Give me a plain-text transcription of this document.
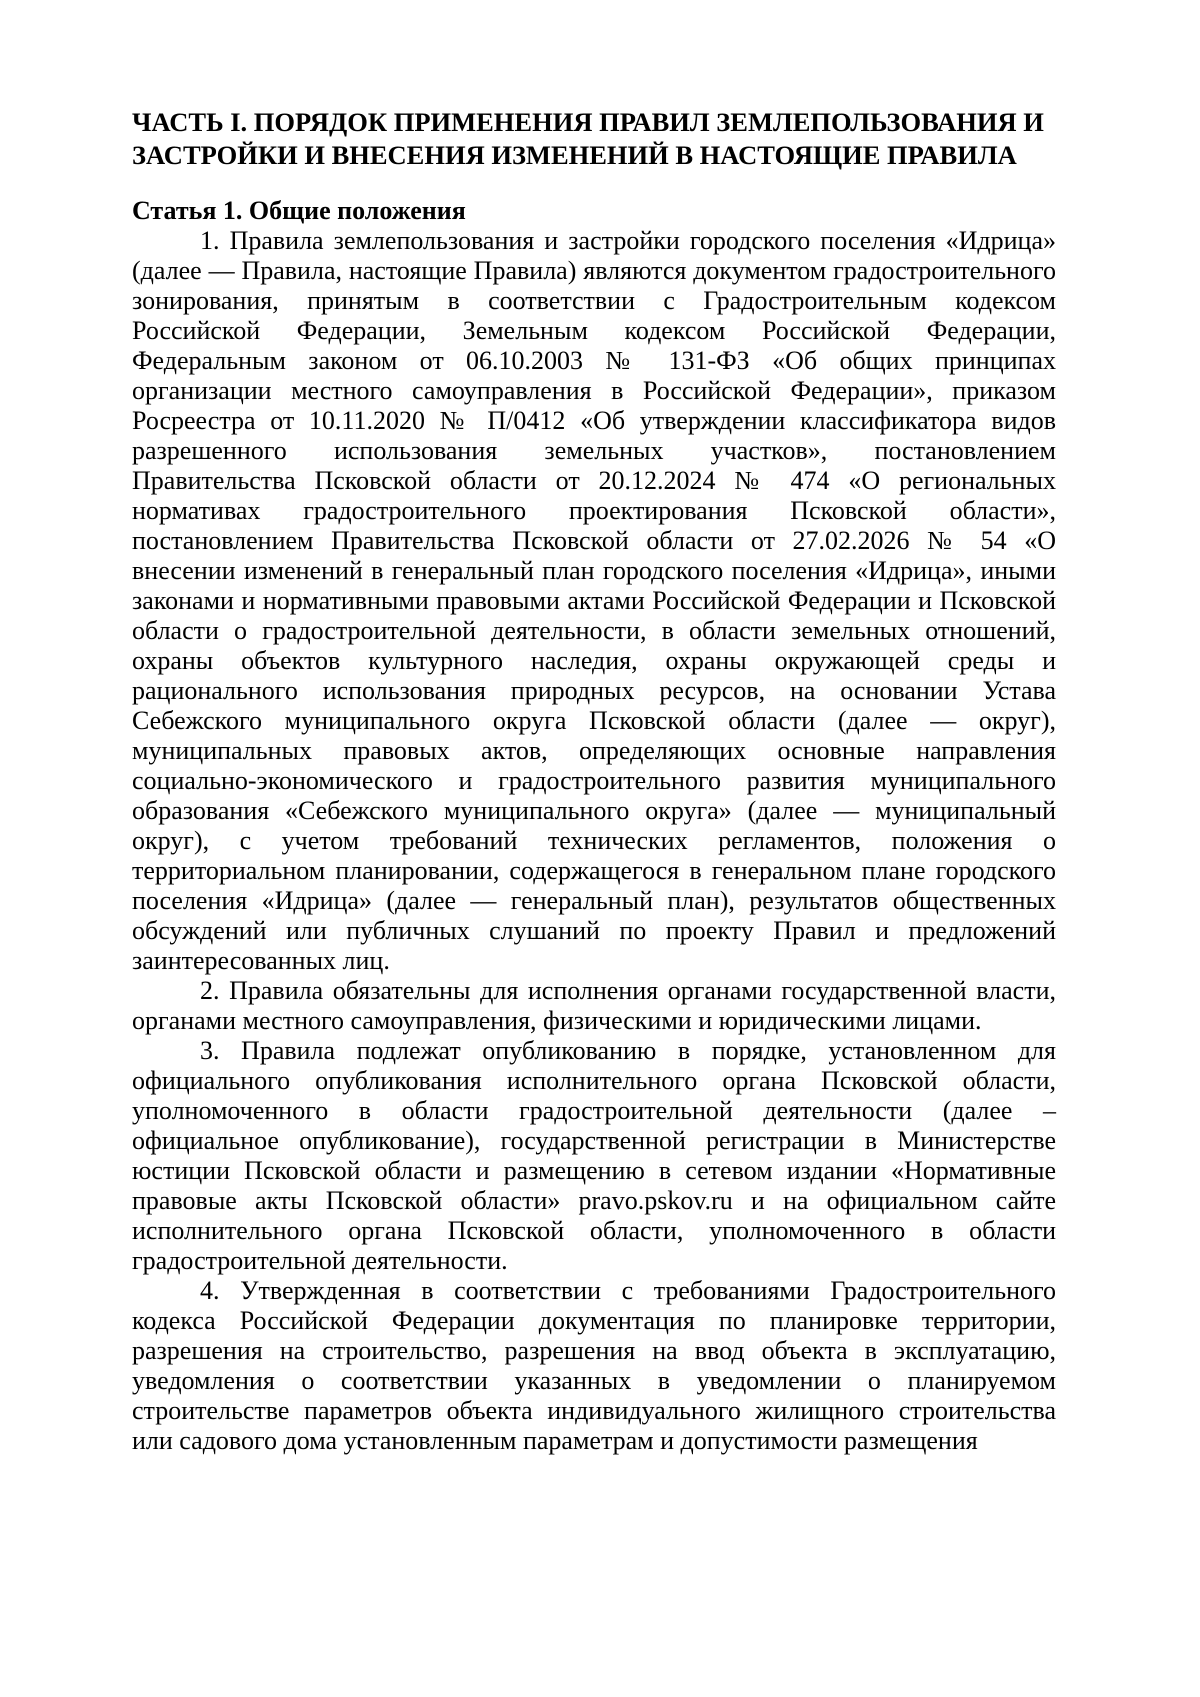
ЧАСТЬ I. ПОРЯДОК ПРИМЕНЕНИЯ ПРАВИЛ ЗЕМЛЕПОЛЬЗОВАНИЯ И ЗАСТРОЙКИ И ВНЕСЕНИЯ ИЗМЕНЕНИЙ В НАСТОЯЩИЕ ПРАВИЛА
Статья 1. Общие положения

1. Правила землепользования и застройки городского поселения «Идрица» (далее — Правила, настоящие Правила) являются документом градостроительного зонирования, принятым в соответствии с Градостроительным кодексом Российской Федерации, Земельным кодексом Российской Федерации, Федеральным законом от 06.10.2003 № 131-ФЗ «Об общих принципах организации местного самоуправления в Российской Федерации», приказом Росреестра от 10.11.2020 № П/0412 «Об утверждении классификатора видов разрешенного использования земельных участков», постановлением Правительства Псковской области от 20.12.2024 № 474 «О региональных нормативах градостроительного проектирования Псковской области», постановлением Правительства Псковской области от 27.02.2026 № 54 «О внесении изменений в генеральный план городского поселения «Идрица», иными законами и нормативными правовыми актами Российской Федерации и Псковской области о градостроительной деятельности, в области земельных отношений, охраны объектов культурного наследия, охраны окружающей среды и рационального использования природных ресурсов, на основании Устава Себежского муниципального округа Псковской области (далее — округ), муниципальных правовых актов, определяющих основные направления социально-экономического и градостроительного развития муниципального образования «Себежского муниципального округа» (далее — муниципальный округ), с учетом требований технических регламентов, положения о территориальном планировании, содержащегося в генеральном плане городского поселения «Идрица» (далее — генеральный план), результатов общественных обсуждений или публичных слушаний по проекту Правил и предложений заинтересованных лиц.

2. Правила обязательны для исполнения органами государственной власти, органами местного самоуправления, физическими и юридическими лицами.

3. Правила подлежат опубликованию в порядке, установленном для официального опубликования исполнительного органа Псковской области, уполномоченного в области градостроительной деятельности (далее – официальное опубликование), государственной регистрации в Министерстве юстиции Псковской области и размещению в сетевом издании «Нормативные правовые акты Псковской области» pravo.pskov.ru и на официальном сайте исполнительного органа Псковской области, уполномоченного в области градостроительной деятельности.

4. Утвержденная в соответствии с требованиями Градостроительного кодекса Российской Федерации документация по планировке территории, разрешения на строительство, разрешения на ввод объекта в эксплуатацию, уведомления о соответствии указанных в уведомлении о планируемом строительстве параметров объекта индивидуального жилищного строительства или садового дома установленным параметрам и допустимости размещения
